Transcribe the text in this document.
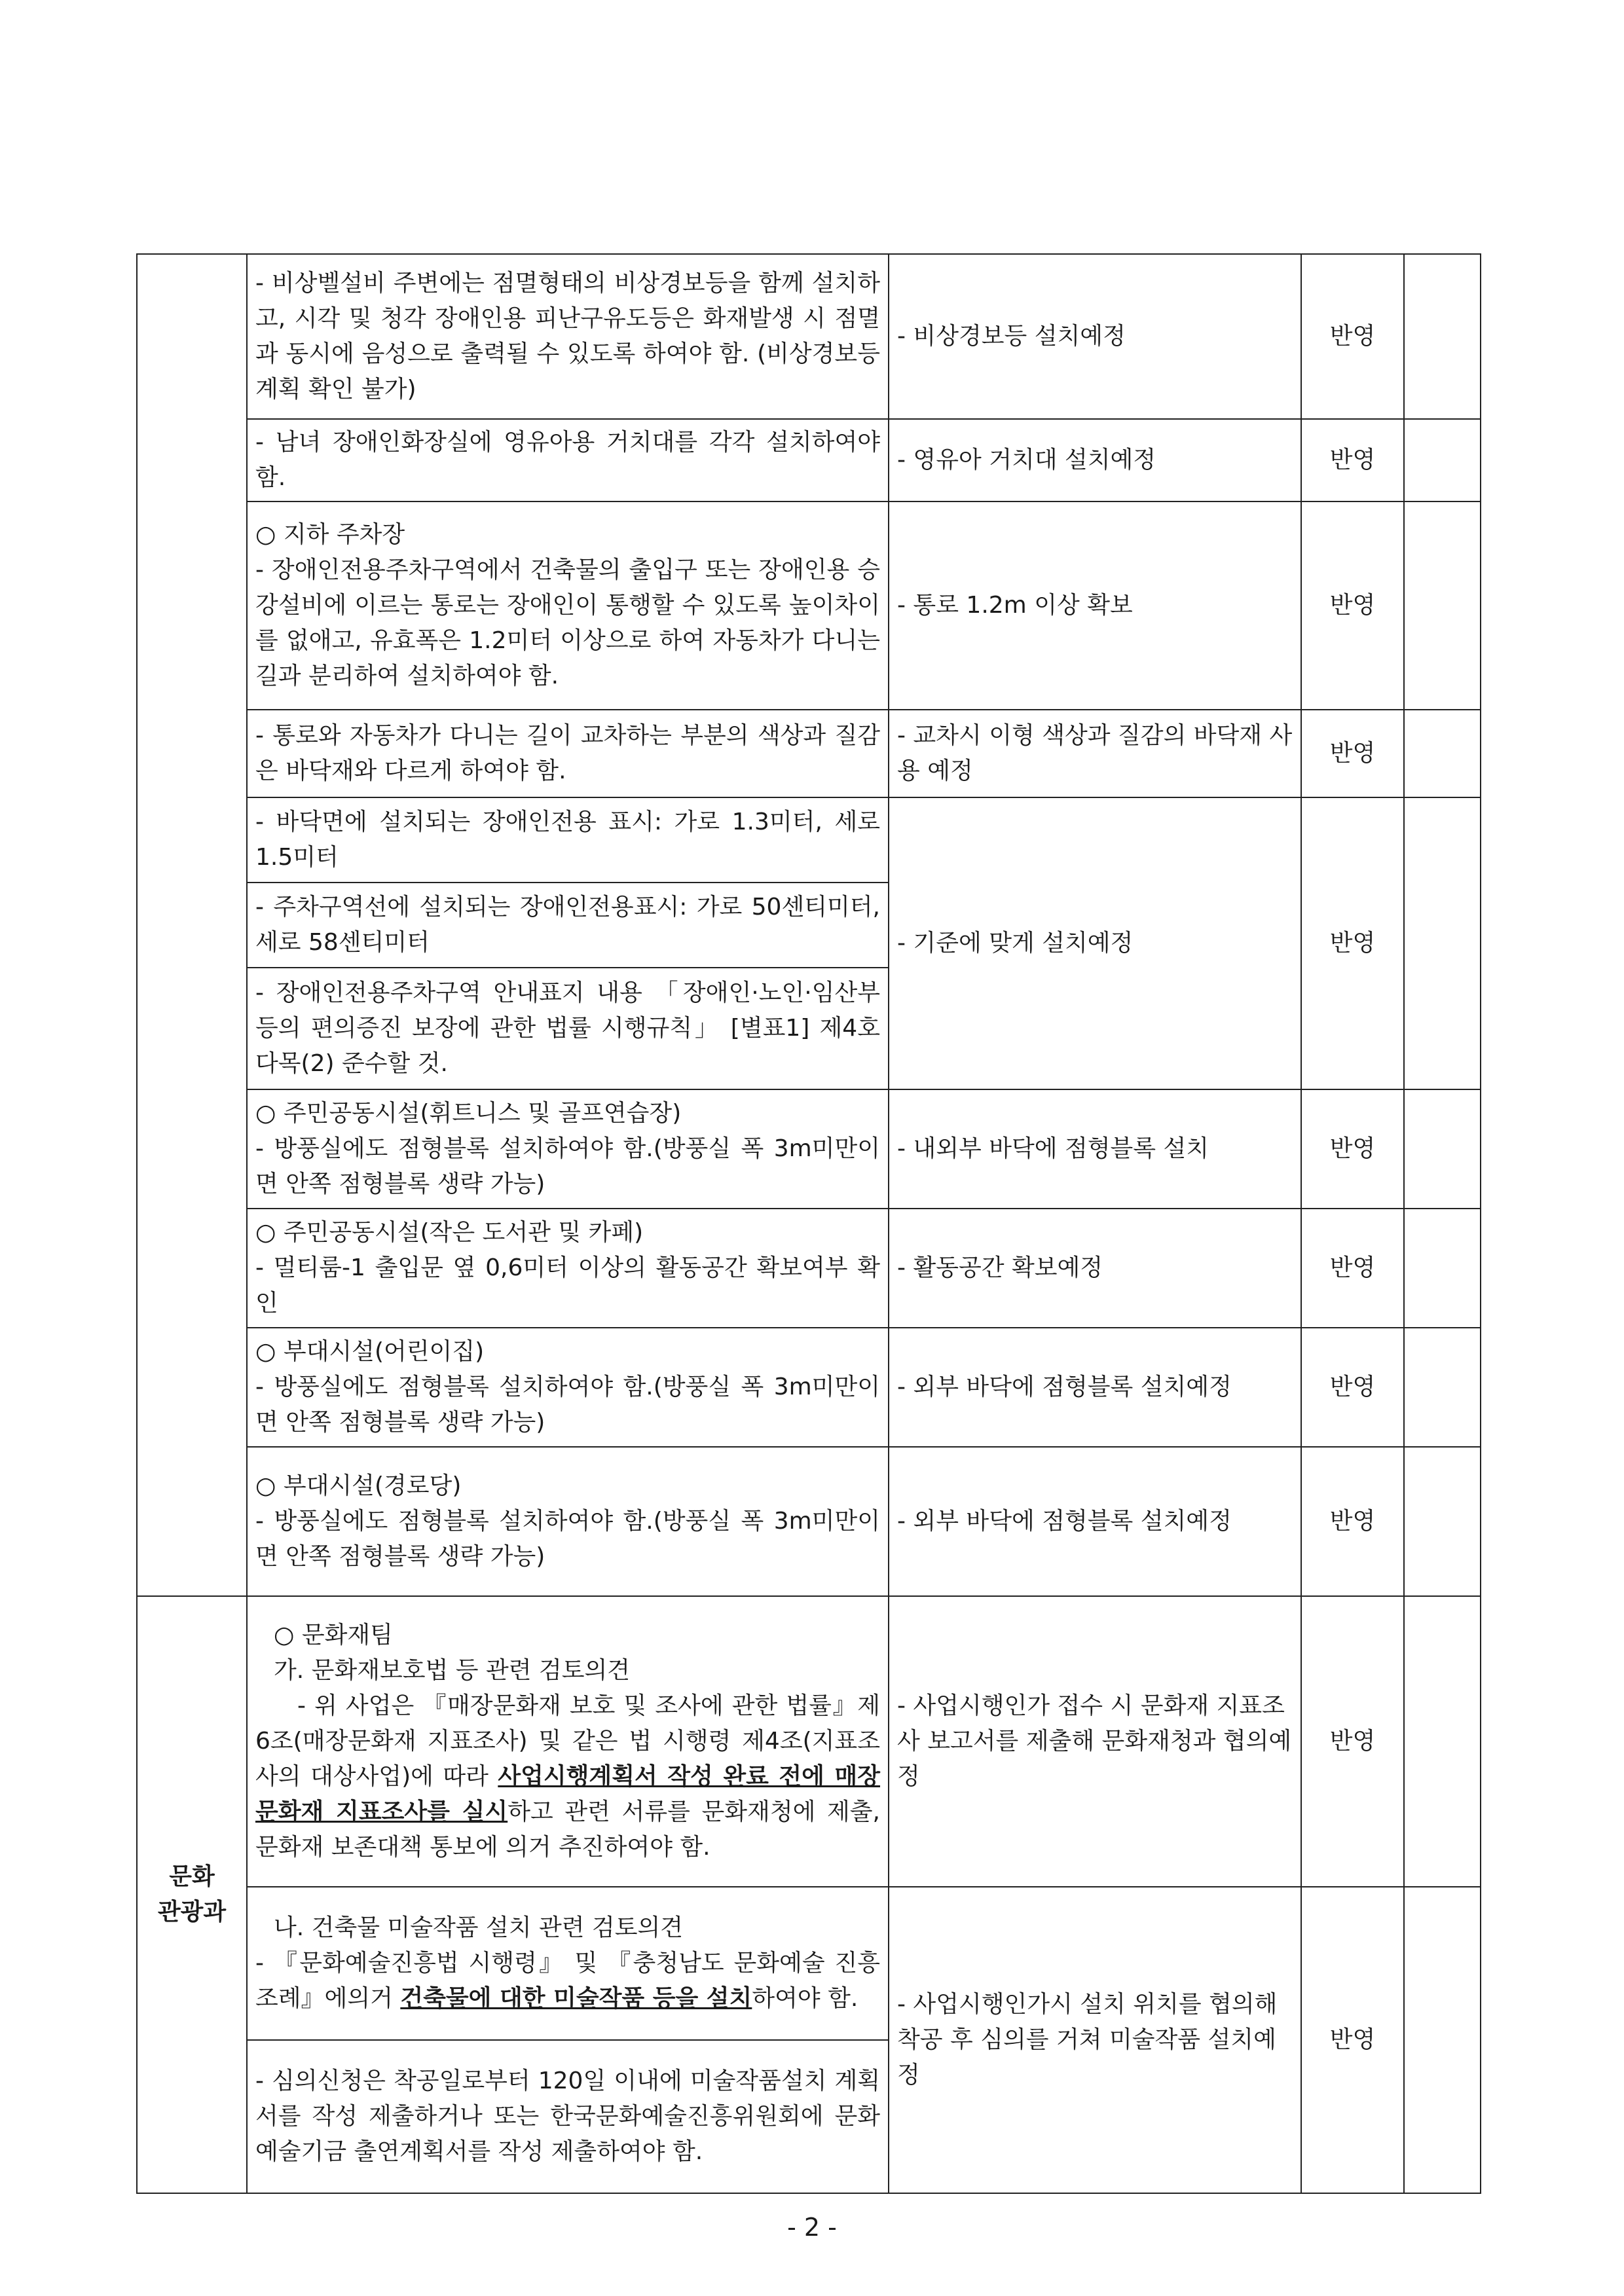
	- 비상벨설비 주변에는 점멸형태의 비상경보등을 함께 설치하고, 시각 및 청각 장애인용 피난구유도등은 화재발생 시 점멸과 동시에 음성으로 출력될 수 있도록 하여야 함. (비상경보등계획 확인 불가)	- 비상경보등 설치예정	반영	
	- 남녀 장애인화장실에 영유아용 거치대를 각각 설치하여야 함.	- 영유아 거치대 설치예정	반영	

	○ 지하 주차장
- 장애인전용주차구역에서 건축물의 출입구 또는 장애인용 승강설비에 이르는 통로는 장애인이 통행할 수 있도록 높이차이를 없애고, 유효폭은 1.2미터 이상으로 하여 자동차가 다니는 길과 분리하여 설치하여야 함.	- 통로 1.2m 이상 확보	반영	
	- 통로와 자동차가 다니는 길이 교차하는 부분의 색상과 질감은 바닥재와 다르게 하여야 함.	- 교차시 이형 색상과 질감의 바닥재 사용 예정	반영	
	- 바닥면에 설치되는 장애인전용 표시: 가로 1.3미터, 세로 1.5미터	- 기준에 맞게 설치예정	반영	
	- 주차구역선에 설치되는 장애인전용표시: 가로 50센티미터, 세로 58센티미터			
	- 장애인전용주차구역 안내표지 내용 「장애인·노인·임산부 등의 편의증진 보장에 관한 법률 시행규칙」 [별표1] 제4호다목(2) 준수할 것.			

	○ 주민공동시설(휘트니스 및 골프연습장)
- 방풍실에도 점형블록 설치하여야 함.(방풍실 폭 3m미만이면 안쪽 점형블록 생략 가능)	- 내외부 바닥에 점형블록 설치	반영	

	○ 주민공동시설(작은 도서관 및 카페)
- 멀티룸-1 출입문 옆 0,6미터 이상의 활동공간 확보여부 확인	- 활동공간 확보예정	반영	

	○ 부대시설(어린이집)
- 방풍실에도 점형블록 설치하여야 함.(방풍실 폭 3m미만이면 안쪽 점형블록 생략 가능)	- 외부 바닥에 점형블록 설치예정	반영	

	○ 부대시설(경로당)
- 방풍실에도 점형블록 설치하여야 함.(방풍실 폭 3m미만이면 안쪽 점형블록 생략 가능)	- 외부 바닥에 점형블록 설치예정	반영	
문화
관광과	○ 문화재팀
가. 문화재보호법 등 관련 검토의견
- 위 사업은 『매장문화재 보호 및 조사에 관한 법률』제6조(매장문화재 지표조사) 및 같은 법 시행령 제4조(지표조사의 대상사업)에 따라 사업시행계획서 작성 완료 전에 매장문화재 지표조사를 실시하고 관련 서류를 문화재청에 제출, 문화재 보존대책 통보에 의거 추진하여야 함.	- 사업시행인가 접수 시 문화재 지표조사 보고서를 제출해 문화재청과 협의예정	반영	

	나. 건축물 미술작품 설치 관련 검토의견
- 『문화예술진흥법 시행령』 및 『충청남도 문화예술 진흥조례』에의거 건축물에 대한 미술작품 등을 설치하여야 함.	- 사업시행인가시 설치 위치를 협의해 착공 후 심의를 거쳐 미술작품 설치예정	반영	
	- 심의신청은 착공일로부터 120일 이내에 미술작품설치 계획서를 작성 제출하거나 또는 한국문화예술진흥위원회에 문화예술기금 출연계획서를 작성 제출하여야 함.			
- 2 -
